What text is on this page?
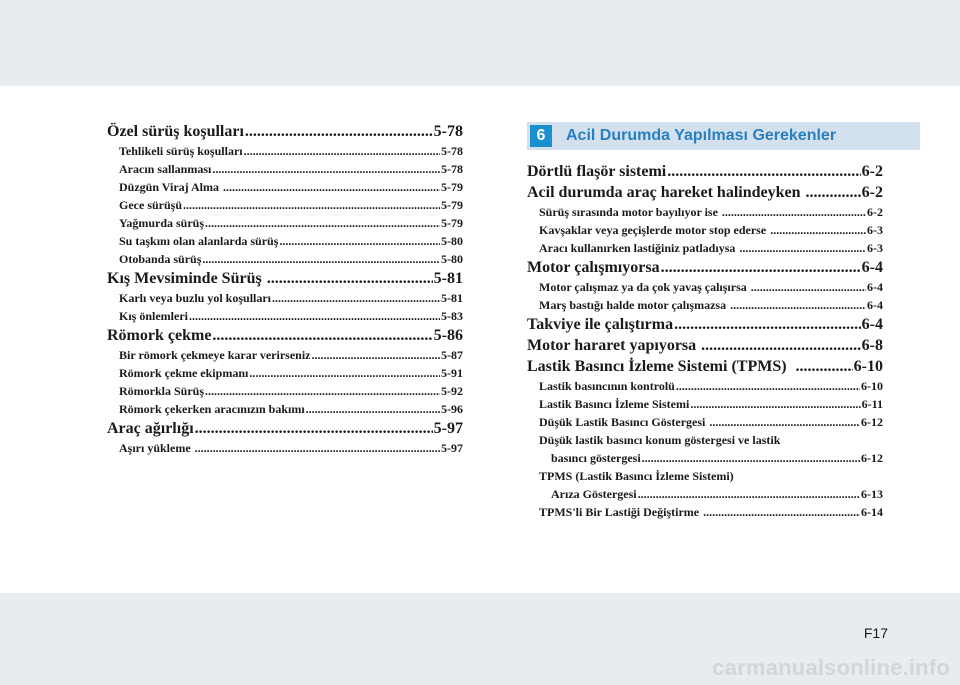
Özel sürüş koşulları .....	5-78
Tehlikeli sürüş koşulları .....	5-78
Aracın sallanması .....	5-78
Düzgün Viraj Alma .....	5-79
Gece sürüşü .....	5-79
Yağmurda sürüş .....	5-79
Su taşkını olan alanlarda sürüş .....	5-80
Otobanda sürüş .....	5-80
Kış Mevsiminde Sürüş .....	5-81
Karlı veya buzlu yol koşulları .....	5-81
Kış önlemleri .....	5-83
Römork çekme .....	5-86
Bir römork çekmeye karar verirseniz .....	5-87
Römork çekme ekipmanı .....	5-91
Römorkla Sürüş .....	5-92
Römork çekerken aracınızın bakımı .....	5-96
Araç ağırlığı .....	5-97
Aşırı yükleme .....	5-97
6	Acil Durumda Yapılması Gerekenler
Dörtlü flaşör sistemi .....	6-2
Acil durumda araç hareket halindeyken .....	6-2
Sürüş sırasında motor bayılıyor ise .....	6-2
Kavşaklar veya geçişlerde motor stop ederse .....	6-3
Aracı kullanırken lastiğiniz patladıysa .....	6-3
Motor çalışmıyorsa .....	6-4
Motor çalışmaz ya da çok yavaş çalışırsa .....	6-4
Marş bastığı halde motor çalışmazsa .....	6-4
Takviye ile çalıştırma .....	6-4
Motor hararet yapıyorsa .....	6-8
Lastik Basıncı İzleme Sistemi (TPMS) .....	6-10
Lastik basıncının kontrolü .....	6-10
Lastik Basıncı İzleme Sistemi .....	6-11
Düşük Lastik Basıncı Göstergesi .....	6-12
Düşük lastik basıncı konum göstergesi ve lastik
basıncı göstergesi .....	6-12
TPMS (Lastik Basıncı İzleme Sistemi)
Arıza Göstergesi .....	6-13
TPMS'li Bir Lastiği Değiştirme .....	6-14
F17
carmanualsonline.info
